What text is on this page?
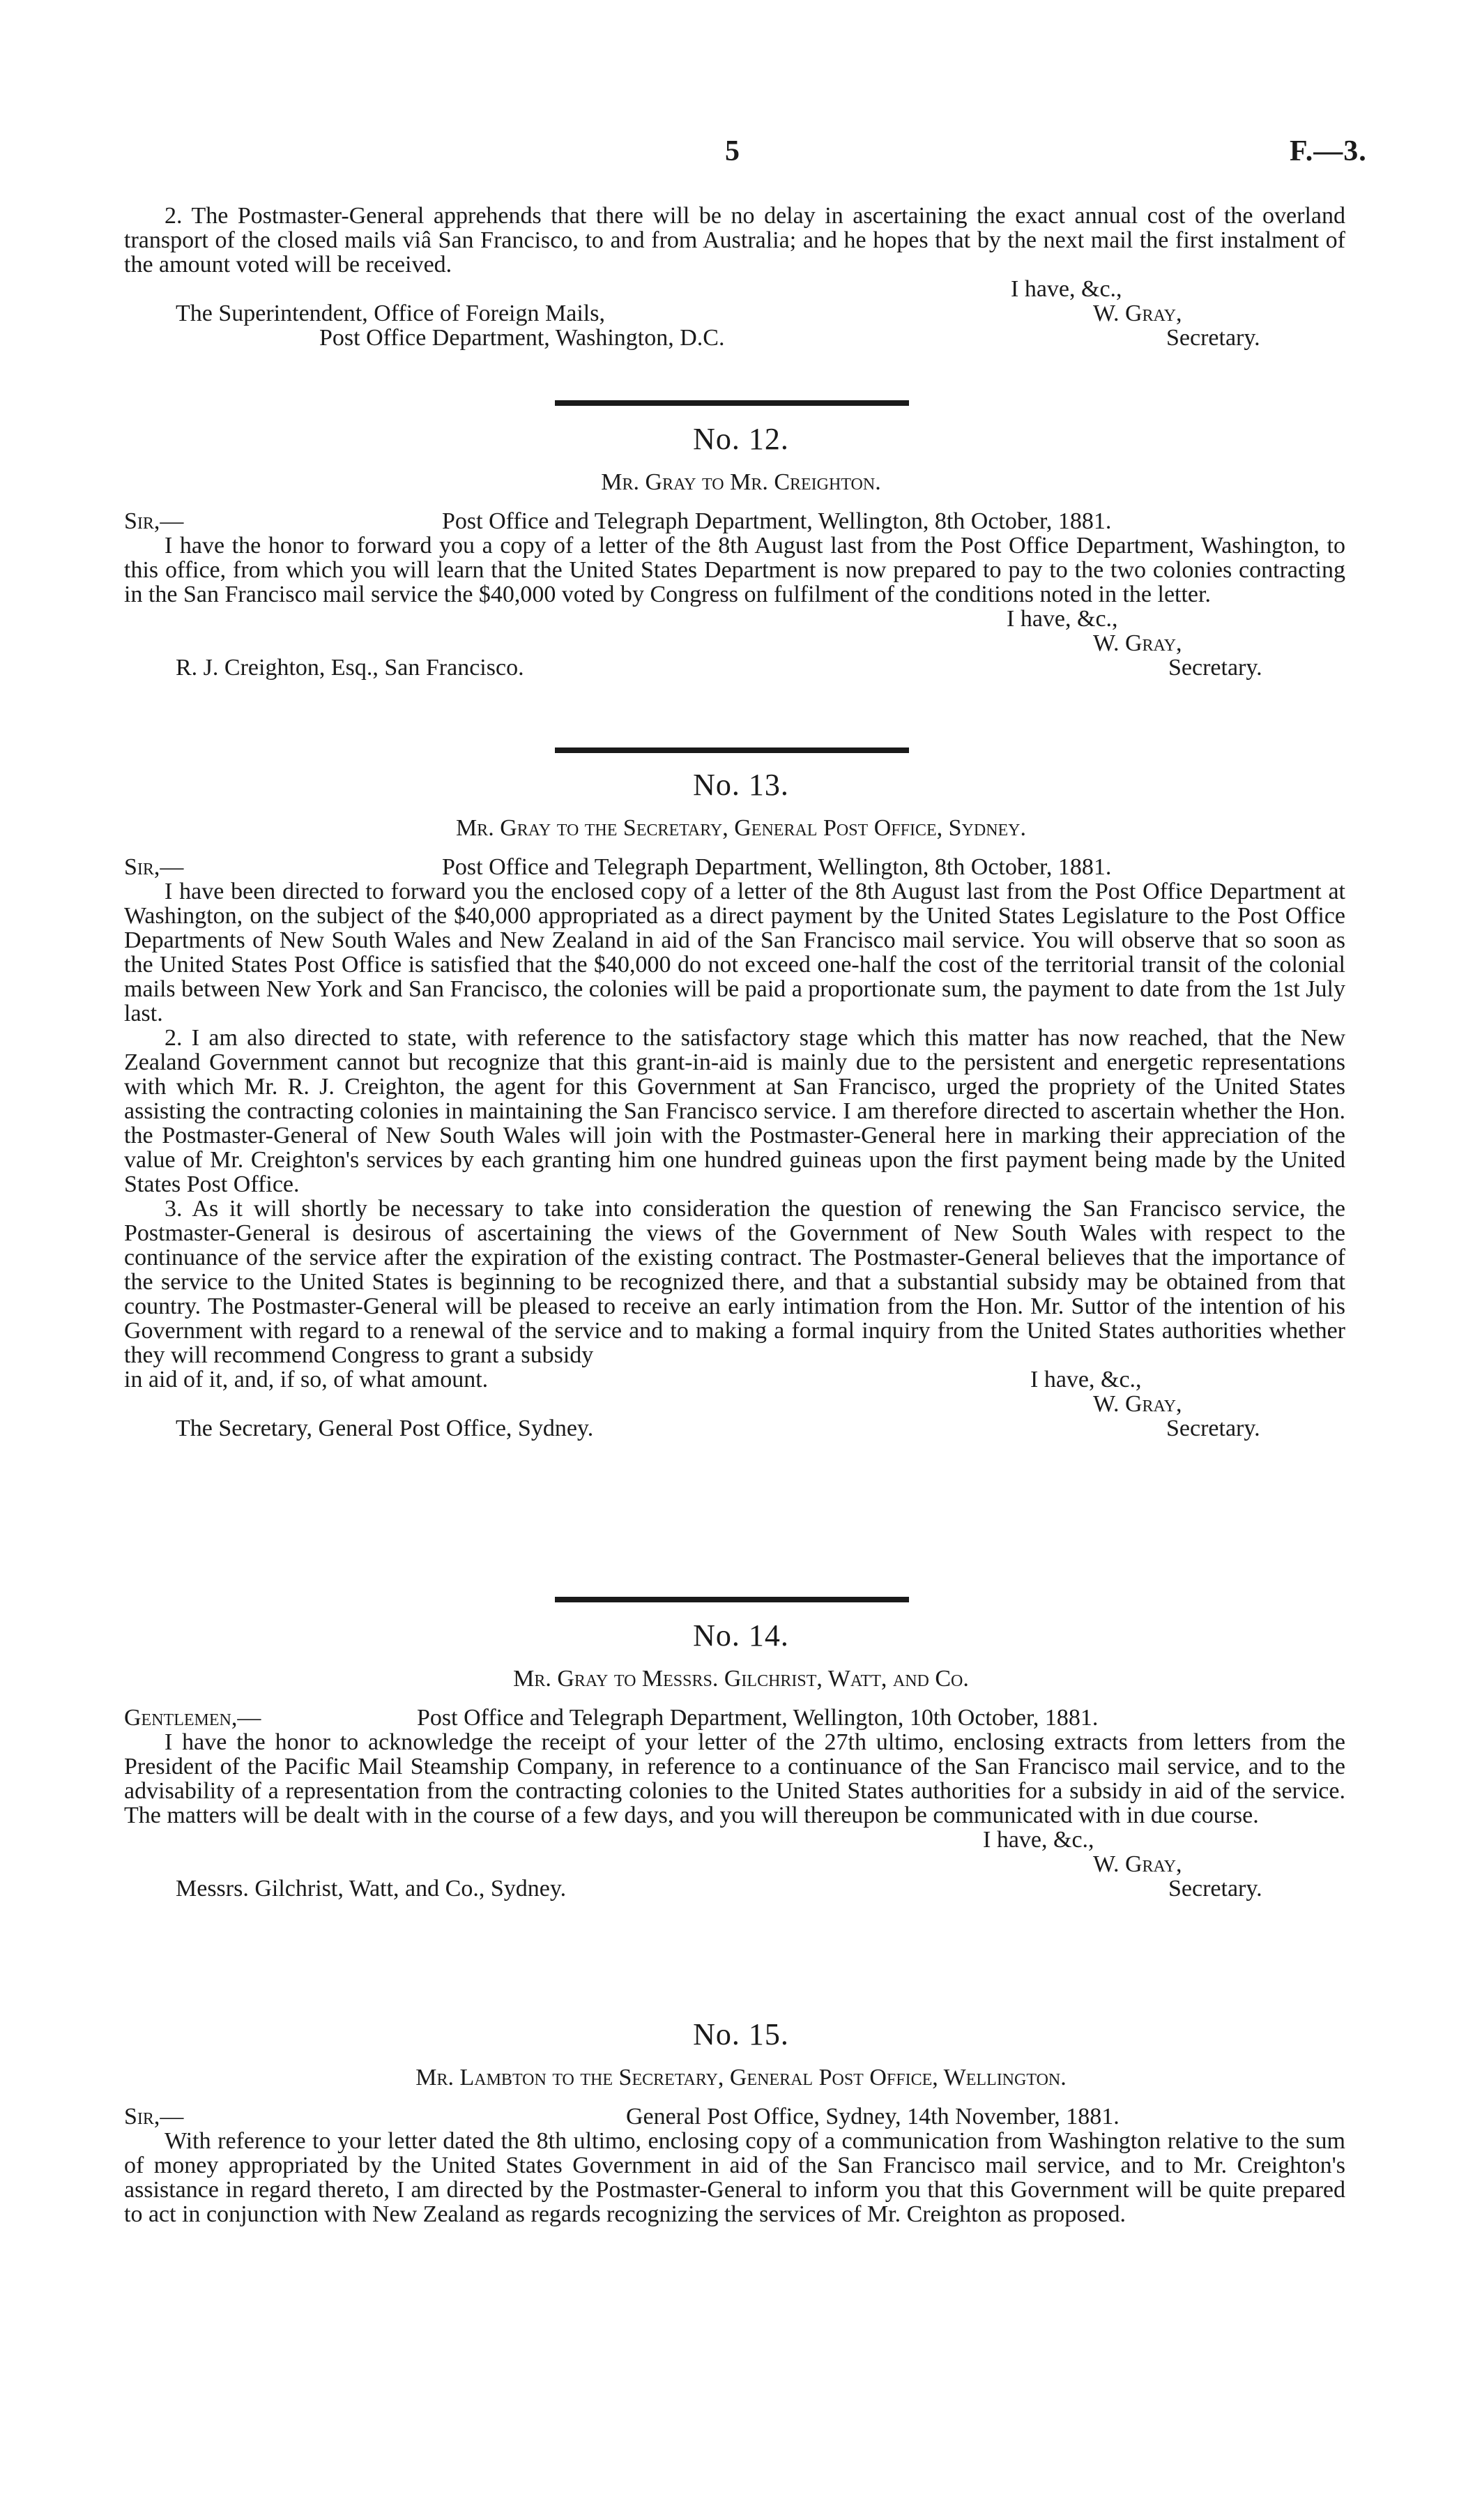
5	F.—3.

2. The Postmaster-General apprehends that there will be no delay in ascertaining the exact annual cost of the overland transport of the closed mails viâ San Francisco, to and from Australia; and he hopes that by the next mail the first instalment of the amount voted will be received.

I have, &c.,
The Superintendent, Office of Foreign Mails,	W. Gray,
Post Office Department, Washington, D.C.	Secretary.
No. 12.
Mr. Gray to Mr. Creighton.
Sir,—	Post Office and Telegraph Department, Wellington, 8th October, 1881.

I have the honor to forward you a copy of a letter of the 8th August last from the Post Office Department, Washington, to this office, from which you will learn that the United States Department is now prepared to pay to the two colonies contracting in the San Francisco mail service the $40,000 voted by Congress on fulfilment of the conditions noted in the letter.

I have, &c.,
W. Gray,
R. J. Creighton, Esq., San Francisco.	Secretary.
No. 13.
Mr. Gray to the Secretary, General Post Office, Sydney.
Sir,—	Post Office and Telegraph Department, Wellington, 8th October, 1881.

I have been directed to forward you the enclosed copy of a letter of the 8th August last from the Post Office Department at Washington, on the subject of the $40,000 appropriated as a direct payment by the United States Legislature to the Post Office Departments of New South Wales and New Zealand in aid of the San Francisco mail service. You will observe that so soon as the United States Post Office is satisfied that the $40,000 do not exceed one-half the cost of the territorial transit of the colonial mails between New York and San Francisco, the colonies will be paid a proportionate sum, the payment to date from the 1st July last.

2. I am also directed to state, with reference to the satisfactory stage which this matter has now reached, that the New Zealand Government cannot but recognize that this grant-in-aid is mainly due to the persistent and energetic representations with which Mr. R. J. Creighton, the agent for this Government at San Francisco, urged the propriety of the United States assisting the contracting colonies in maintaining the San Francisco service. I am therefore directed to ascertain whether the Hon. the Postmaster-General of New South Wales will join with the Postmaster-General here in marking their appreciation of the value of Mr. Creighton's services by each granting him one hundred guineas upon the first payment being made by the United States Post Office.

3. As it will shortly be necessary to take into consideration the question of renewing the San Francisco service, the Postmaster-General is desirous of ascertaining the views of the Government of New South Wales with respect to the continuance of the service after the expiration of the existing contract. The Postmaster-General believes that the importance of the service to the United States is beginning to be recognized there, and that a substantial subsidy may be obtained from that country. The Postmaster-General will be pleased to receive an early intimation from the Hon. Mr. Suttor of the intention of his Government with regard to a renewal of the service and to making a formal inquiry from the United States authorities whether they will recommend Congress to grant a subsidy

in aid of it, and, if so, of what amount.	I have, &c.,
W. Gray,
The Secretary, General Post Office, Sydney.	Secretary.
No. 14.
Mr. Gray to Messrs. Gilchrist, Watt, and Co.
Gentlemen,—	Post Office and Telegraph Department, Wellington, 10th October, 1881.

I have the honor to acknowledge the receipt of your letter of the 27th ultimo, enclosing extracts from letters from the President of the Pacific Mail Steamship Company, in reference to a continuance of the San Francisco mail service, and to the advisability of a representation from the contracting colonies to the United States authorities for a subsidy in aid of the service. The matters will be dealt with in the course of a few days, and you will thereupon be communicated with in due course.

I have, &c.,
W. Gray,
Messrs. Gilchrist, Watt, and Co., Sydney.	Secretary.
No. 15.
Mr. Lambton to the Secretary, General Post Office, Wellington.
Sir,—	General Post Office, Sydney, 14th November, 1881.

With reference to your letter dated the 8th ultimo, enclosing copy of a communication from Washington relative to the sum of money appropriated by the United States Government in aid of the San Francisco mail service, and to Mr. Creighton's assistance in regard thereto, I am directed by the Postmaster-General to inform you that this Government will be quite prepared to act in conjunction with New Zealand as regards recognizing the services of Mr. Creighton as proposed.
